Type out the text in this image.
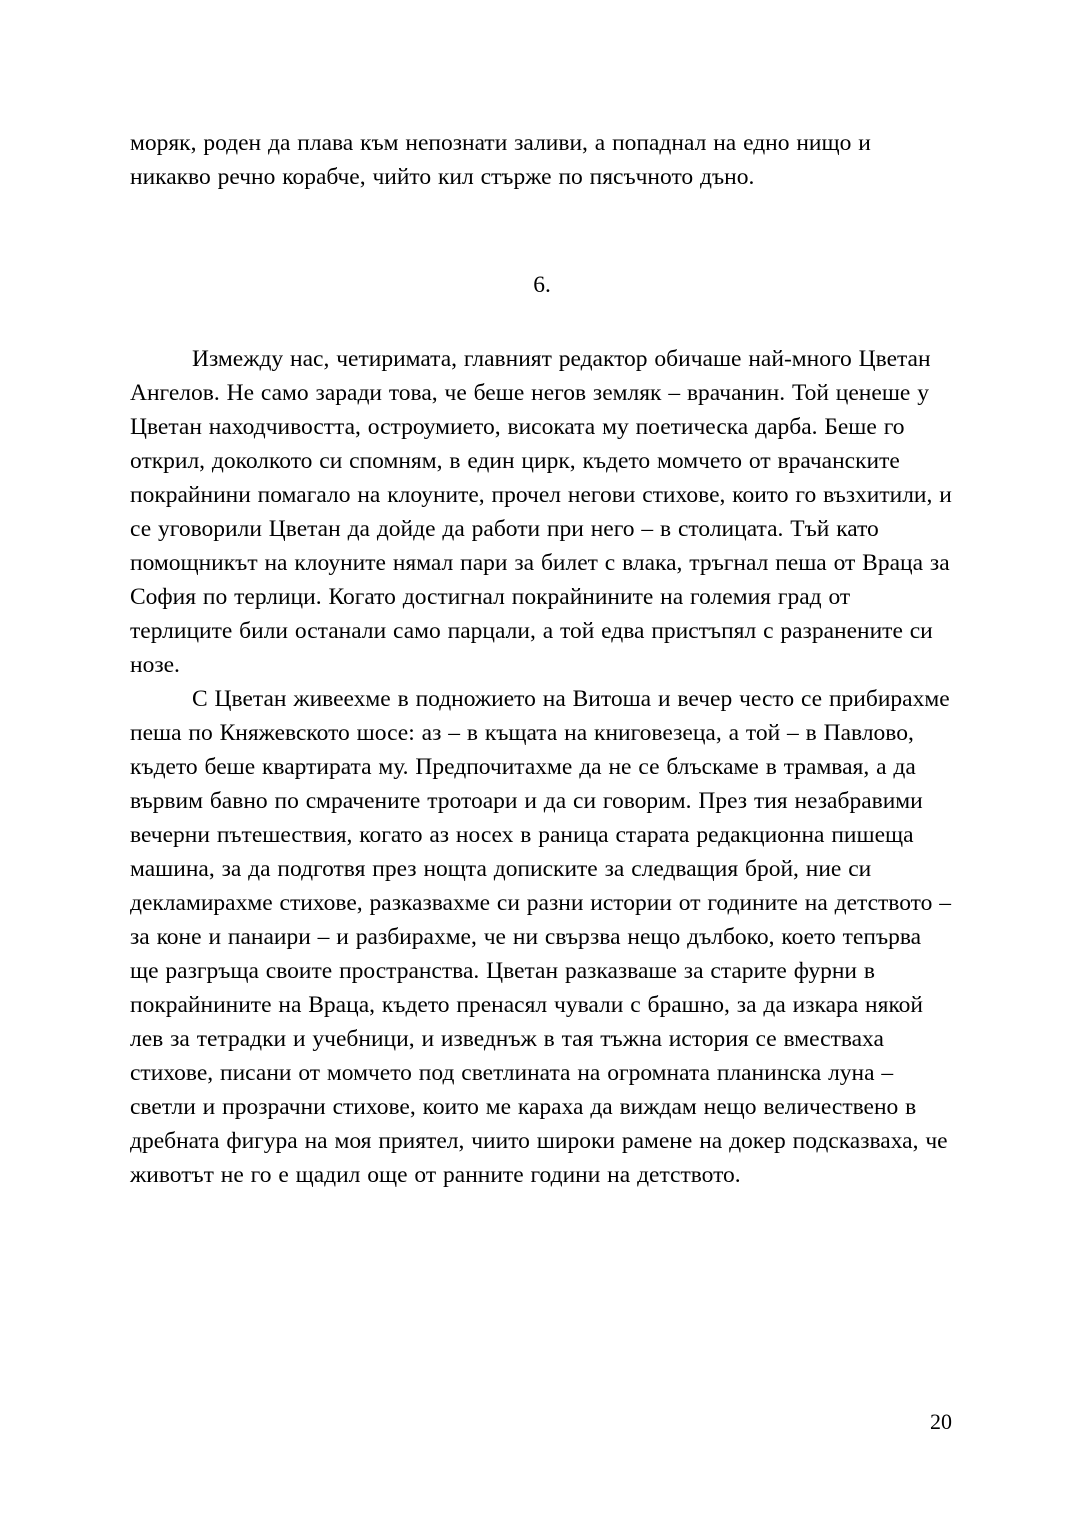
моряк, роден да плава към непознати заливи, а попаднал на едно нищо и никакво речно корабче, чийто кил стърже по пясъчното дъно.

6.

Измежду нас, четиримата, главният редактор обичаше най-много Цветан Ангелов. Не само заради това, че беше негов земляк – врачанин. Той ценеше у Цветан находчивостта, остроумието, високата му поетическа дарба. Беше го открил, доколкото си спомням, в един цирк, където момчето от врачанските покрайнини помагало на клоуните, прочел негови стихове, които го възхитили, и се уговорили Цветан да дойде да работи при него – в столицата. Тъй като помощникът на клоуните нямал пари за билет с влака, тръгнал пеша от Враца за София по терлици. Когато достигнал покрайнините на големия град от терлиците били останали само парцали, а той едва пристъпял с разранените си нозе.

С Цветан живеехме в подножието на Витоша и вечер често се прибирахме пеша по Княжевското шосе: аз – в къщата на книговезеца, а той – в Павлово, където беше квартирата му. Предпочитахме да не се блъскаме в трамвая, а да вървим бавно по смрачените тротоари и да си говорим. През тия незабравими вечерни пътешествия, когато аз носех в раница старата редакционна пишеща машина, за да подготвя през нощта дописките за следващия брой, ние си декламирахме стихове, разказвахме си разни истории от годините на детството – за коне и панаири – и разбирахме, че ни свързва нещо дълбоко, което тепърва ще разгръща своите пространства. Цветан разказваше за старите фурни в покрайнините на Враца, където пренасял чували с брашно, за да изкара някой лев за тетрадки и учебници, и изведнъж в тая тъжна история се вместваха стихове, писани от момчето под светлината на огромната планинска луна – светли и прозрачни стихове, които ме караха да виждам нещо величествено в дребната фигура на моя приятел, чиито широки рамене на докер подсказваха, че животът не го е щадил още от ранните години на детството.

20
